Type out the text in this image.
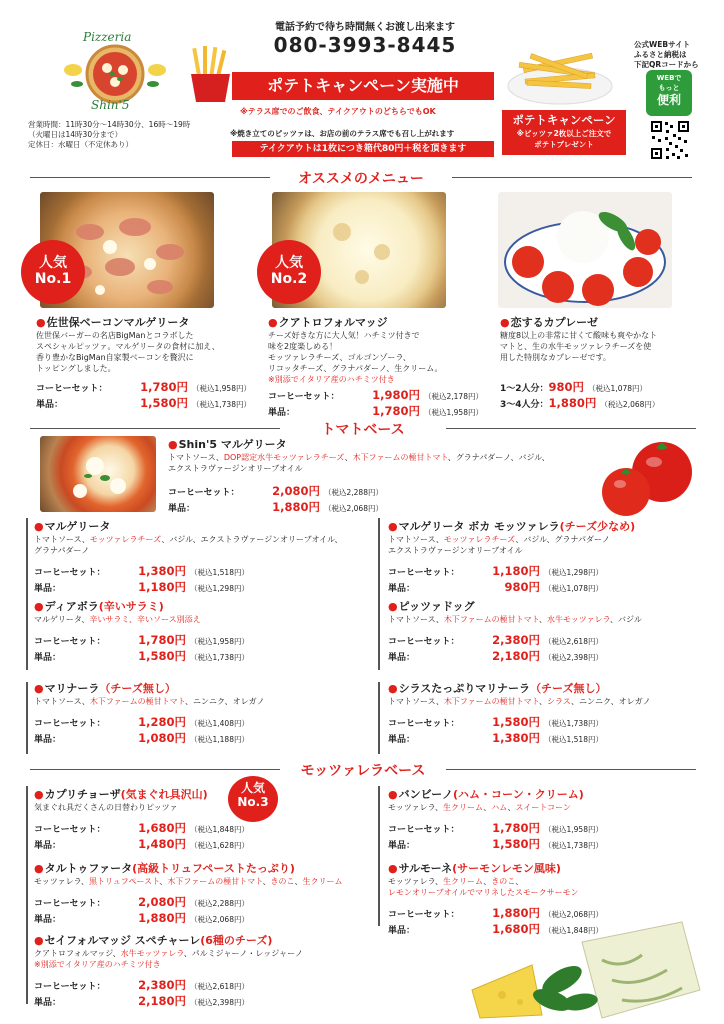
Pizzeria
Shin'5
営業時間：11時30分〜14時30分、16時〜19時
（火曜日は14時30分まで）
定休日：水曜日（不定休あり）
電話予約で待ち時間無くお渡し出来ます
080-3993-8445
ポテトキャンペーン実施中
※テラス席でのご飲食、テイクアウトのどちらでもOK
※焼き立てのピッツァは、お店の前のテラス席でも召し上がれます
テイクアウトは1枚につき箱代80円＋税を頂きます
ポテトキャンペーン
※ピッツァ2枚以上ご注文で
ポテトプレゼント
公式WEBサイト
ふるさと納税は
下記QRコードから
WEBで
もっと
便利
オススメのメニュー
人気
No.1
人気
No.2
● 佐世保ベーコンマルゲリータ
佐世保バーガーの名店BigManとコラボした
スペシャルピッツァ。マルゲリータの食材に加え、
香り豊かなBigMan自家製ベーコンを贅沢に
トッピングしました。
コーヒーセット：	1,780円 （税込1,958円）
単品：	1,580円 （税込1,738円）
● クアトロフォルマッジ
チーズ好きな方に大人気！ハチミツ付きで
味を2度楽しめる！
モッツァレラチーズ、ゴルゴンゾーラ、
リコッタチーズ、グラナパダーノ、生クリーム。
※別添でイタリア産のハチミツ付き
コーヒーセット：	1,980円 （税込2,178円）
単品：	1,780円 （税込1,958円）
● 恋するカプレーゼ
糖度8以上の非常に甘くて酸味も爽やかなト
マトと、生の水牛モッツァレラチーズを使
用した特別なカプレーゼです。
1〜2人分： 980円 （税込1,078円）
3〜4人分： 1,880円 （税込2,068円）
トマトベース
● Shin'5 マルゲリータ
トマトソース、DOP認定水牛モッツァレラチーズ、木下ファームの極甘トマト、グラナパダーノ、バジル、
エクストラヴァージンオリーブオイル
コーヒーセット：	2,080円 （税込2,288円）
単品：	1,880円 （税込2,068円）
● マルゲリータ
トマトソース、モッツァレラチーズ、バジル、エクストラヴァージンオリーブオイル、
グラナパダーノ
コーヒーセット：	1,380円 （税込1,518円）
単品：	1,180円 （税込1,298円）
● マルゲリータ ボカ モッツァレラ(チーズ少なめ)
トマトソース、モッツァレラチーズ、バジル、グラナパダーノ
エクストラヴァージンオリーブオイル
コーヒーセット：	1,180円 （税込1,298円）
単品：	980円 （税込1,078円）
● ディアボラ(辛いサラミ)
マルゲリータ、辛いサラミ、辛いソース別添え
コーヒーセット：	1,780円 （税込1,958円）
単品：	1,580円 （税込1,738円）
● ピッツァドッグ
トマトソース、木下ファームの極甘トマト、水牛モッツァレラ、バジル
コーヒーセット：	2,380円 （税込2,618円）
単品：	2,180円 （税込2,398円）
● マリナーラ（チーズ無し）
トマトソース、木下ファームの極甘トマト、ニンニク、オレガノ
コーヒーセット：	1,280円 （税込1,408円）
単品：	1,080円 （税込1,188円）
● シラスたっぷりマリナーラ（チーズ無し）
トマトソース、木下ファームの極甘トマト、シラス、ニンニク、オレガノ
コーヒーセット：	1,580円 （税込1,738円）
単品：	1,380円 （税込1,518円）
モッツァレラベース
● カプリチョーザ(気まぐれ具沢山)
気まぐれ具だくさんの日替わりピッツァ
コーヒーセット：	1,680円 （税込1,848円）
単品：	1,480円 （税込1,628円）
● バンビーノ(ハム・コーン・クリーム)
モッツァレラ、生クリーム、ハム、スイートコーン
コーヒーセット：	1,780円 （税込1,958円）
単品：	1,580円 （税込1,738円）
● タルトゥファータ(高級トリュフペーストたっぷり)
モッツァレラ、黒トリュフペースト、木下ファームの極甘トマト、きのこ、生クリーム
コーヒーセット：	2,080円 （税込2,288円）
単品：	1,880円 （税込2,068円）
● サルモーネ(サーモンレモン風味)
モッツァレラ、生クリーム、きのこ、
レモンオリーブオイルでマリネしたスモークサーモン
コーヒーセット：	1,880円 （税込2,068円）
単品：	1,680円 （税込1,848円）
● セイフォルマッジ スペチャーレ(6種のチーズ)
クアトロフォルマッジ、水牛モッツァレラ、パルミジャーノ・レッジャーノ
※別添でイタリア産のハチミツ付き
コーヒーセット：	2,380円 （税込2,618円）
単品：	2,180円 （税込2,398円）
人気
No.3
